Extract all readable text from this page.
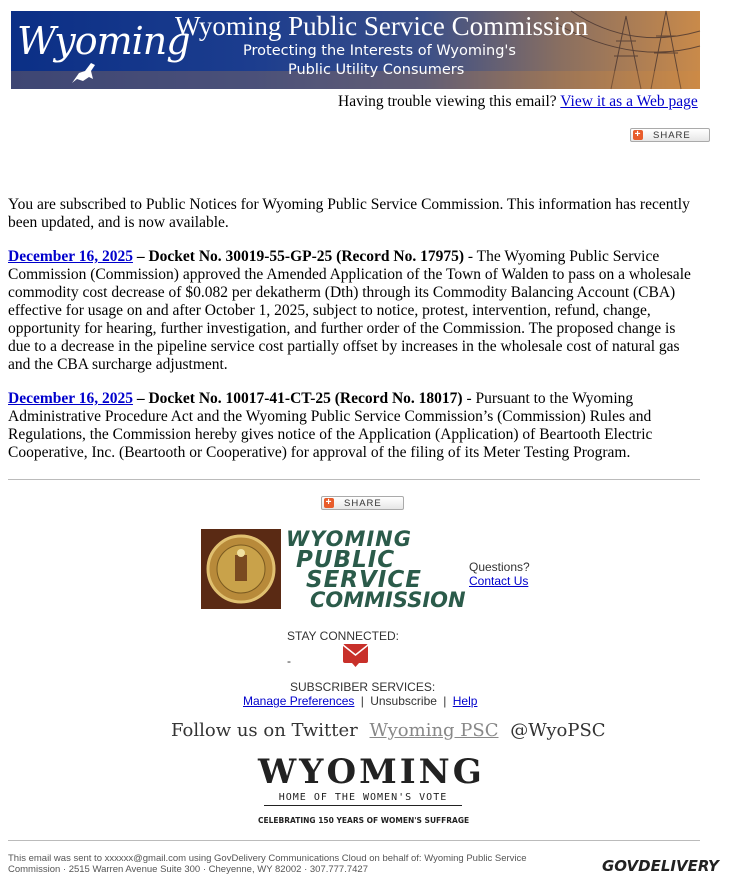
Wyoming
Wyoming Public Service Commission
Protecting the Interests of Wyoming's
Public Utility Consumers
Having trouble viewing this email? View it as a Web page
+ SHARE
You are subscribed to Public Notices for Wyoming Public Service Commission. This information has recently
been updated, and is now available.
December 16, 2025 – Docket No. 30019-55-GP-25 (Record No. 17975) - The Wyoming Public Service
Commission (Commission) approved the Amended Application of the Town of Walden to pass on a wholesale
commodity cost decrease of $0.082 per dekatherm (Dth) through its Commodity Balancing Account (CBA)
effective for usage on and after October 1, 2025, subject to notice, protest, intervention, refund, change,
opportunity for hearing, further investigation, and further order of the Commission. The proposed change is
due to a decrease in the pipeline service cost partially offset by increases in the wholesale cost of natural gas
and the CBA surcharge adjustment.
December 16, 2025 – Docket No. 10017-41-CT-25 (Record No. 18017) - Pursuant to the Wyoming
Administrative Procedure Act and the Wyoming Public Service Commission’s (Commission) Rules and
Regulations, the Commission hereby gives notice of the Application (Application) of Beartooth Electric
Cooperative, Inc. (Beartooth or Cooperative) for approval of the filing of its Meter Testing Program.
+ SHARE
WYOMING
PUBLIC
SERVICE
COMMISSION
Questions?
Contact Us
STAY CONNECTED:
-
SUBSCRIBER SERVICES:
Manage Preferences | Unsubscribe | Help
Follow us on Twitter Wyoming PSC @WyoPSC
WYOMING
HOME OF THE WOMEN'S VOTE
CELEBRATING 150 YEARS OF WOMEN'S SUFFRAGE
This email was sent to xxxxxx@gmail.com using GovDelivery Communications Cloud on behalf of: Wyoming Public Service
Commission · 2515 Warren Avenue Suite 300 · Cheyenne, WY 82002 · 307.777.7427	GOVDELIVERY
